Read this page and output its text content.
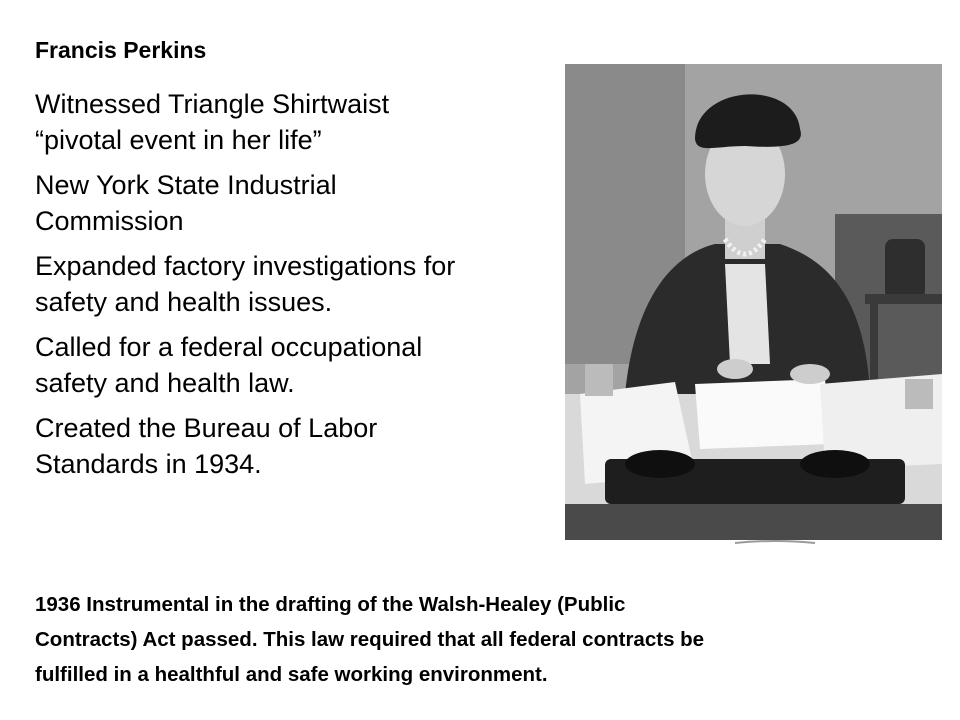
Francis Perkins
Witnessed Triangle Shirtwaist
“pivotal event in her life”
New York State Industrial
Commission
Expanded factory investigations for
safety and health issues.
Called for a federal occupational
safety and health law.
Created the Bureau of Labor
Standards in 1934.
1936 Instrumental in the drafting of the Walsh-Healey (Public
Contracts) Act passed. This law required that all federal contracts be
fulfilled in a healthful and safe working environment.
